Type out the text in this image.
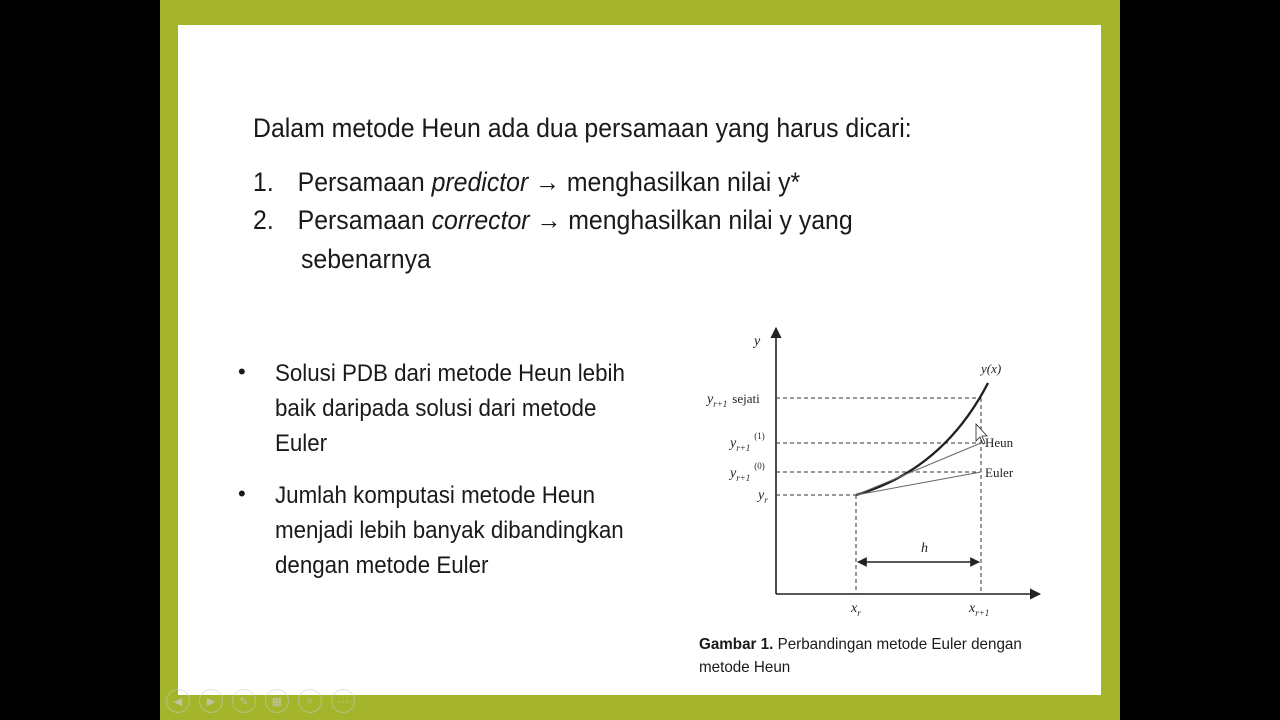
Dalam metode Heun ada dua persamaan yang harus dicari:
1. Persamaan predictor → menghasilkan nilai y*
2. Persamaan corrector → menghasilkan nilai y yang
sebenarnya
• Solusi PDB dari metode Heun lebih
baik daripada solusi dari metode
Euler
• Jumlah komputasi metode Heun
menjadi lebih banyak dibandingkan
dengan metode Euler
y
y(x)
$y_{r+1}$ sejati
$y_{r+1}^{(1)}$
$y_{r+1}^{(0)}$
$y_r$
Heun
Euler
h
$x_r$	$x_{r+1}$
Gambar 1. Perbandingan metode Euler dengan
metode Heun
◀	▶	✎	▦	⌕	⋯
